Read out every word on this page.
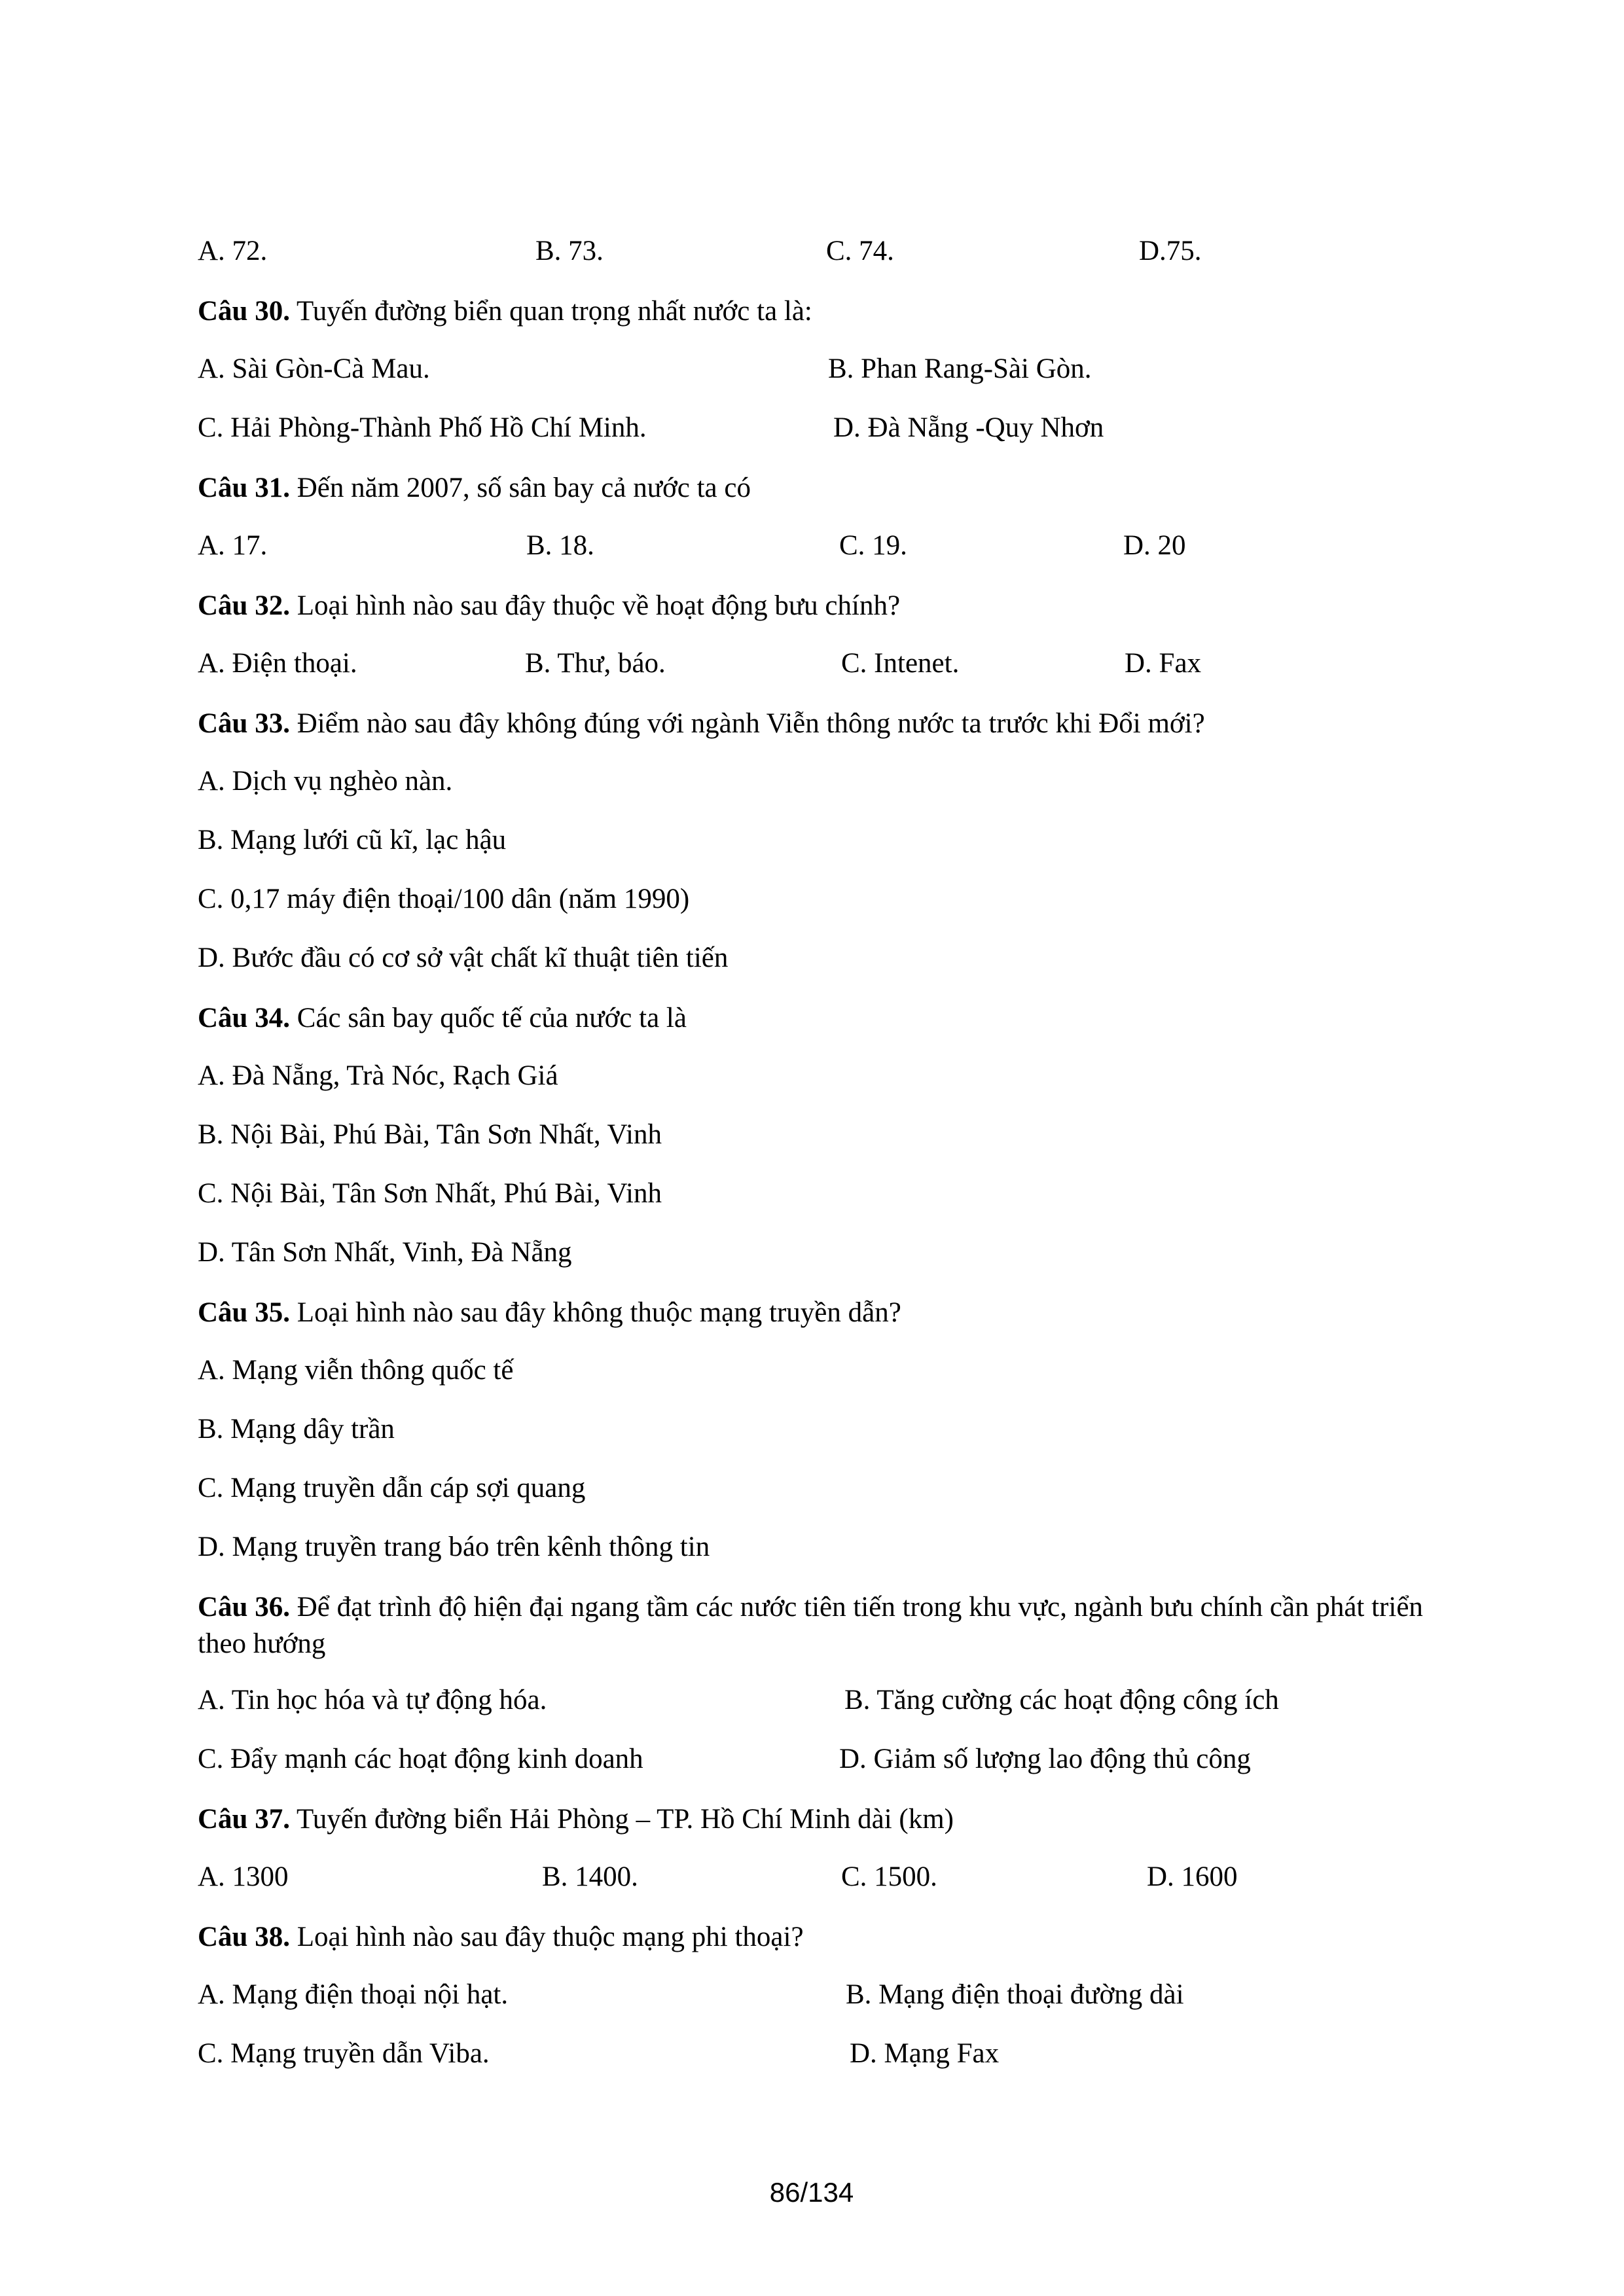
A. 72.	B. 73.	C. 74.	D.75.
Câu 30. Tuyến đường biển quan trọng nhất nước ta là:
A. Sài Gòn-Cà Mau.	B. Phan Rang-Sài Gòn.
C. Hải Phòng-Thành Phố Hồ Chí Minh.	D. Đà Nẵng -Quy Nhơn
Câu 31. Đến năm 2007, số sân bay cả nước ta có
A. 17.	B. 18.	C. 19.	D. 20
Câu 32. Loại hình nào sau đây thuộc về hoạt động bưu chính?
A. Điện thoại.	B. Thư, báo.	C. Intenet.	D. Fax
Câu 33. Điểm nào sau đây không đúng với ngành Viễn thông nước ta trước khi Đổi mới?
A. Dịch vụ nghèo nàn.
B. Mạng lưới cũ kĩ, lạc hậu
C. 0,17 máy điện thoại/100 dân (năm 1990)
D. Bước đầu có cơ sở vật chất kĩ thuật tiên tiến
Câu 34. Các sân bay quốc tế của nước ta là
A. Đà Nẵng, Trà Nóc, Rạch Giá
B. Nội Bài, Phú Bài, Tân Sơn Nhất, Vinh
C. Nội Bài, Tân Sơn Nhất, Phú Bài, Vinh
D. Tân Sơn Nhất, Vinh, Đà Nẵng
Câu 35. Loại hình nào sau đây không thuộc mạng truyền dẫn?
A. Mạng viễn thông quốc tế
B. Mạng dây trần
C. Mạng truyền dẫn cáp sợi quang
D. Mạng truyền trang báo trên kênh thông tin
Câu 36. Để đạt trình độ hiện đại ngang tầm các nước tiên tiến trong khu vực, ngành bưu chính cần phát triển theo hướng
A. Tin học hóa và tự động hóa.	B. Tăng cường các hoạt động công ích
C. Đẩy mạnh các hoạt động kinh doanh	D. Giảm số lượng lao động thủ công
Câu 37. Tuyến đường biển Hải Phòng – TP. Hồ Chí Minh dài (km)
A. 1300	B. 1400.	C. 1500.	D. 1600
Câu 38. Loại hình nào sau đây thuộc mạng phi thoại?
A. Mạng điện thoại nội hạt.	B. Mạng điện thoại đường dài
C. Mạng truyền dẫn Viba.	D. Mạng Fax
86/134
